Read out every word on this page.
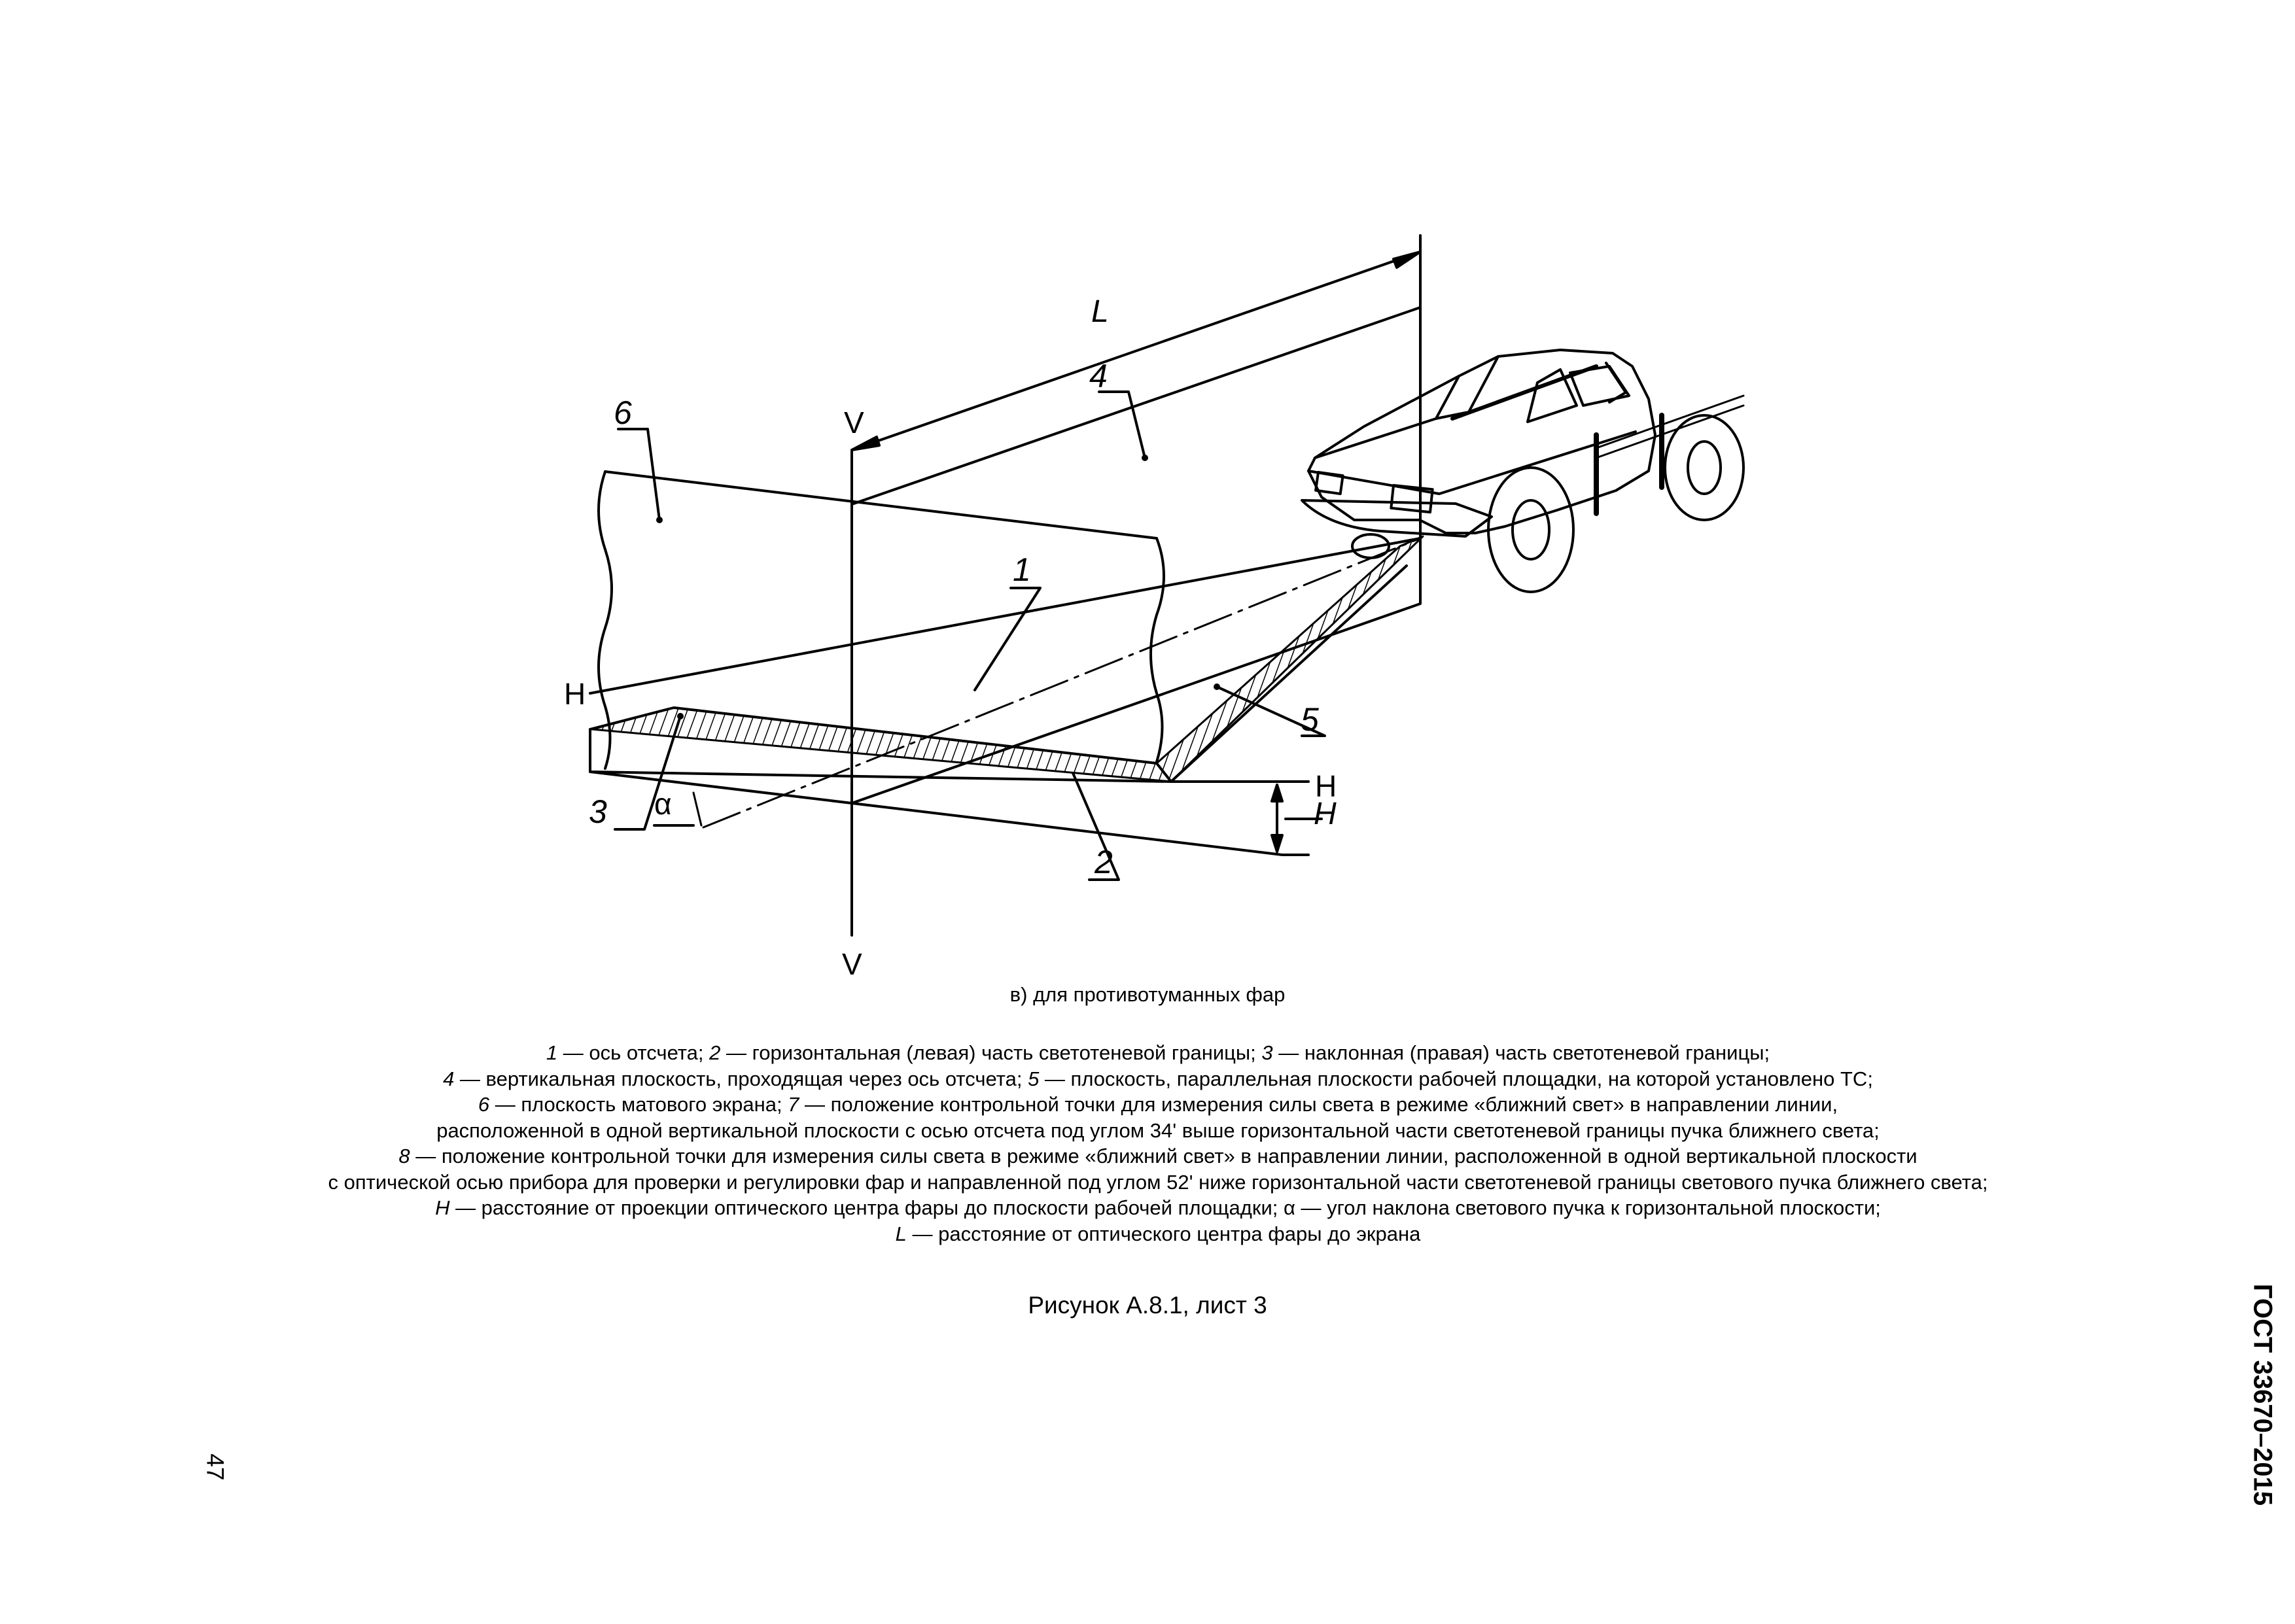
V
V
H
H
H
L
α
1
2
3
4
5
6
в) для противотуманных фар
1 — ось отсчета; 2 — горизонтальная (левая) часть светотеневой границы; 3 — наклонная (правая) часть светотеневой границы;
4 — вертикальная плоскость, проходящая через ось отсчета; 5 — плоскость, параллельная плоскости рабочей площадки, на которой установлено ТС;
6 — плоскость матового экрана; 7 — положение контрольной точки для измерения силы света в режиме «ближний свет» в направлении линии,
расположенной в одной вертикальной плоскости с осью отсчета под углом 34' выше горизонтальной части светотеневой границы пучка ближнего света;
8 — положение контрольной точки для измерения силы света в режиме «ближний свет» в направлении линии, расположенной в одной вертикальной плоскости
с оптической осью прибора для проверки и регулировки фар и направленной под углом 52' ниже горизонтальной части светотеневой границы светового пучка ближнего света;
H — расстояние от проекции оптического центра фары до плоскости рабочей площадки; α — угол наклона светового пучка к горизонтальной плоскости;
L — расстояние от оптического центра фары до экрана
Рисунок А.8.1, лист 3
47	ГОСТ 33670–2015
